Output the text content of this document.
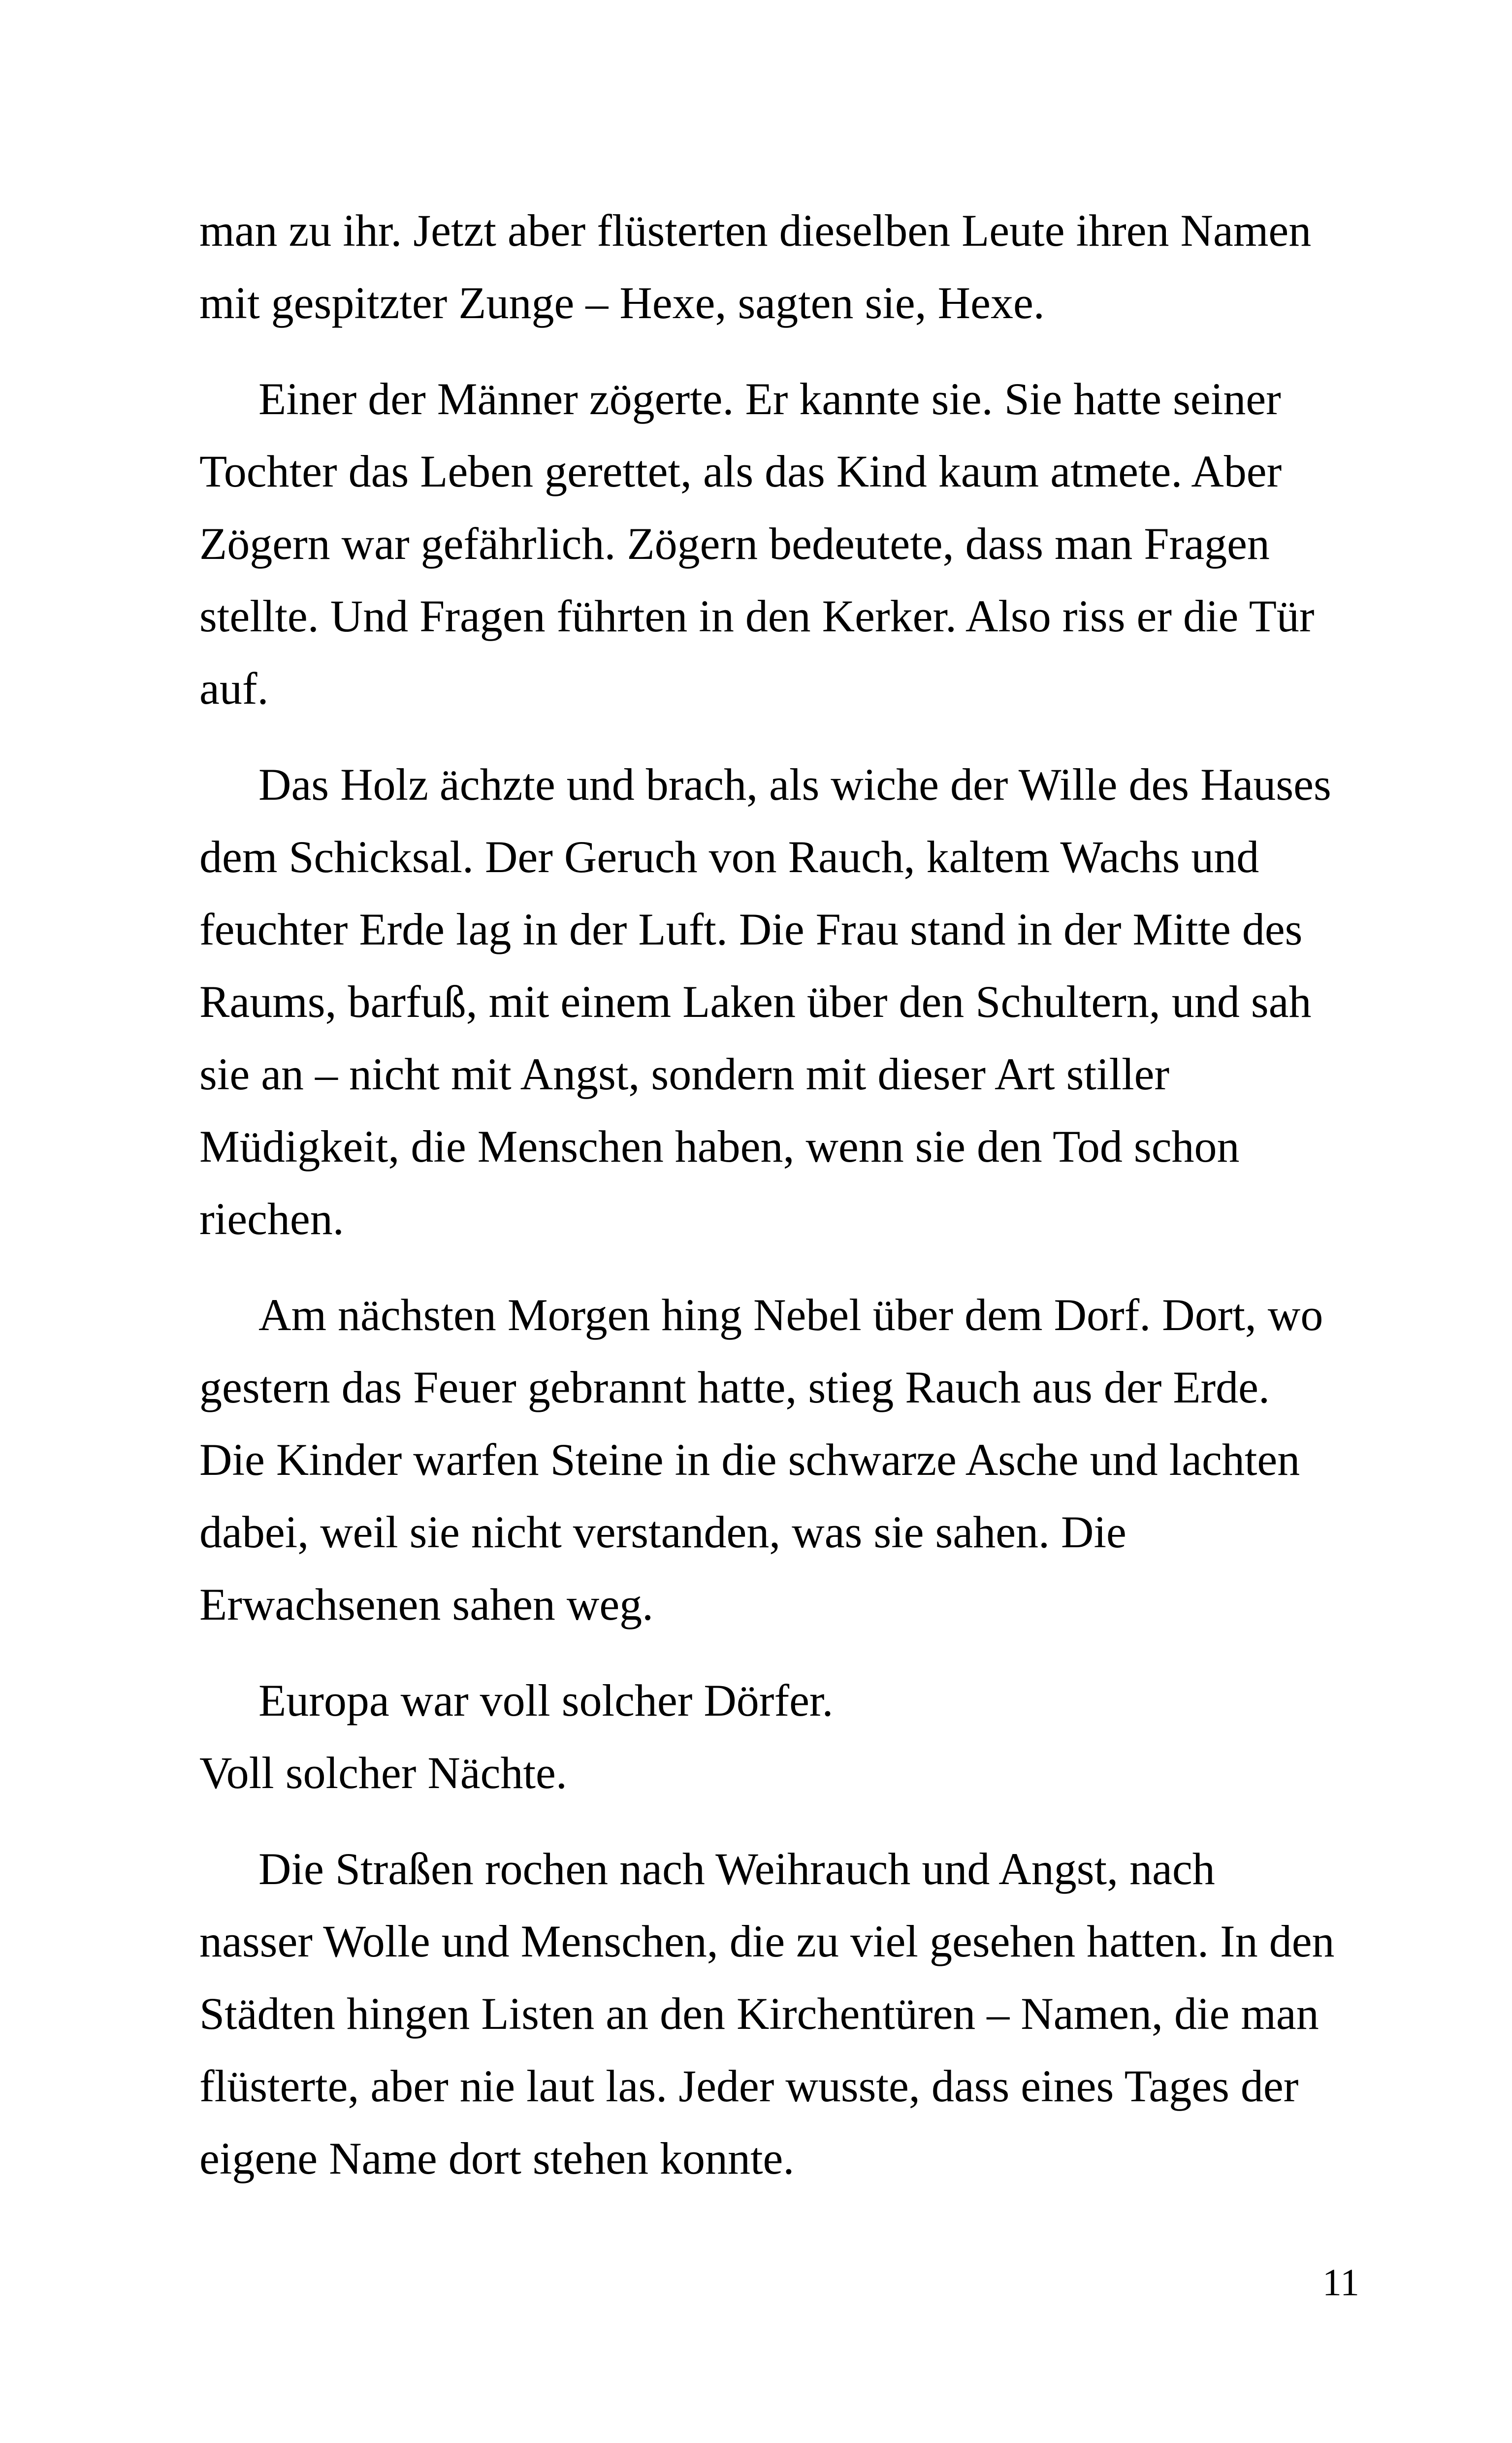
man zu ihr. Jetzt aber flüsterten dieselben Leute ihren Namen
mit gespitzter Zunge – Hexe, sagten sie, Hexe.
Einer der Männer zögerte. Er kannte sie. Sie hatte seiner
Tochter das Leben gerettet, als das Kind kaum atmete. Aber
Zögern war gefährlich. Zögern bedeutete, dass man Fragen
stellte. Und Fragen führten in den Kerker. Also riss er die Tür
auf.
Das Holz ächzte und brach, als wiche der Wille des Hauses
dem Schicksal. Der Geruch von Rauch, kaltem Wachs und
feuchter Erde lag in der Luft. Die Frau stand in der Mitte des
Raums, barfuß, mit einem Laken über den Schultern, und sah
sie an – nicht mit Angst, sondern mit dieser Art stiller
Müdigkeit, die Menschen haben, wenn sie den Tod schon
riechen.
Am nächsten Morgen hing Nebel über dem Dorf. Dort, wo
gestern das Feuer gebrannt hatte, stieg Rauch aus der Erde.
Die Kinder warfen Steine in die schwarze Asche und lachten
dabei, weil sie nicht verstanden, was sie sahen. Die
Erwachsenen sahen weg.
Europa war voll solcher Dörfer.
Voll solcher Nächte.
Die Straßen rochen nach Weihrauch und Angst, nach
nasser Wolle und Menschen, die zu viel gesehen hatten. In den
Städten hingen Listen an den Kirchentüren – Namen, die man
flüsterte, aber nie laut las. Jeder wusste, dass eines Tages der
eigene Name dort stehen konnte.
11
